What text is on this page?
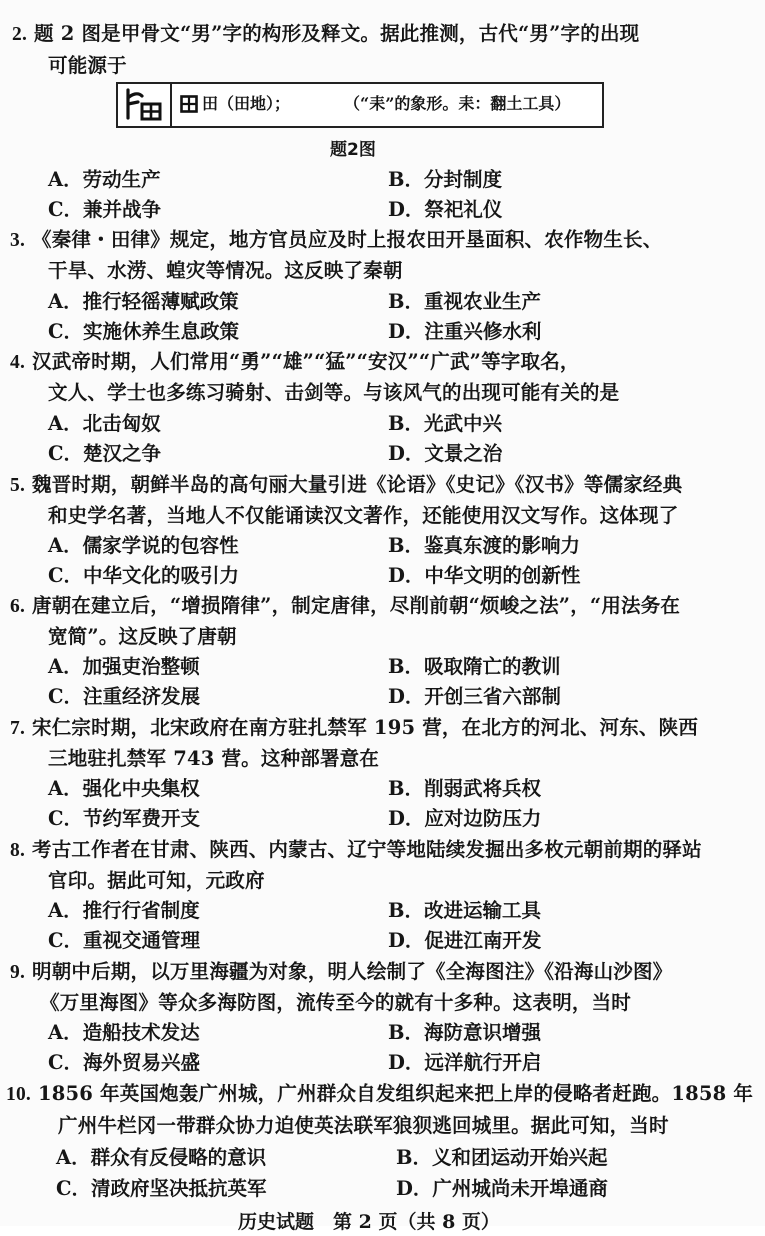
2. 题 2 图是甲骨文“男”字的构形及释文。据此推测，古代“男”字的出现
可能源于
田（田地）；	（“耒”的象形。耒：翻土工具）
题2图
A．劳动生产	B．分封制度
C．兼并战争	D．祭祀礼仪
3. 《秦律・田律》规定，地方官员应及时上报农田开垦面积、农作物生长、
干旱、水涝、蝗灾等情况。这反映了秦朝
A．推行轻徭薄赋政策	B．重视农业生产
C．实施休养生息政策	D．注重兴修水利
4. 汉武帝时期，人们常用“勇”“雄”“猛”“安汉”“广武”等字取名，
文人、学士也多练习骑射、击剑等。与该风气的出现可能有关的是
A．北击匈奴	B．光武中兴
C．楚汉之争	D．文景之治
5. 魏晋时期，朝鲜半岛的高句丽大量引进《论语》《史记》《汉书》等儒家经典
和史学名著，当地人不仅能诵读汉文著作，还能使用汉文写作。这体现了
A．儒家学说的包容性	B．鉴真东渡的影响力
C．中华文化的吸引力	D．中华文明的创新性
6. 唐朝在建立后，“增损隋律”，制定唐律，尽削前朝“烦峻之法”，“用法务在
宽简”。这反映了唐朝
A．加强吏治整顿	B．吸取隋亡的教训
C．注重经济发展	D．开创三省六部制
7. 宋仁宗时期，北宋政府在南方驻扎禁军 195 营，在北方的河北、河东、陕西
三地驻扎禁军 743 营。这种部署意在
A．强化中央集权	B．削弱武将兵权
C．节约军费开支	D．应对边防压力
8. 考古工作者在甘肃、陕西、内蒙古、辽宁等地陆续发掘出多枚元朝前期的驿站
官印。据此可知，元政府
A．推行行省制度	B．改进运输工具
C．重视交通管理	D．促进江南开发
9. 明朝中后期，以万里海疆为对象，明人绘制了《全海图注》《沿海山沙图》
《万里海图》等众多海防图，流传至今的就有十多种。这表明，当时
A．造船技术发达	B．海防意识增强
C．海外贸易兴盛	D．远洋航行开启
10. 1856 年英国炮轰广州城，广州群众自发组织起来把上岸的侵略者赶跑。1858 年
广州牛栏冈一带群众协力迫使英法联军狼狈逃回城里。据此可知，当时
A．群众有反侵略的意识	B．义和团运动开始兴起
C．清政府坚决抵抗英军	D．广州城尚未开埠通商
历史试题　第 2 页（共 8 页）
